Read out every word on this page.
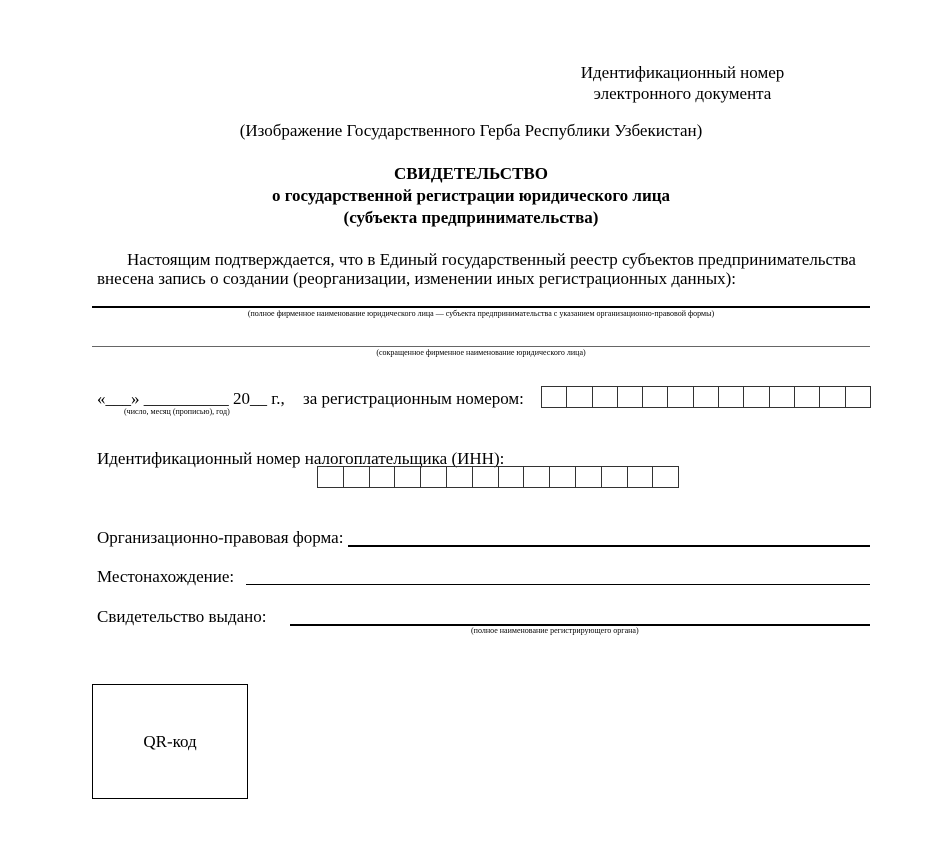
Идентификационный номер
электронного документа
(Изображение Государственного Герба Республики Узбекистан)
СВИДЕТЕЛЬСТВО
о государственной регистрации юридического лица
(субъекта предпринимательства)
Настоящим подтверждается, что в Единый государственный реестр субъектов предпринимательства
внесена запись о создании (реорганизации, изменении иных регистрационных данных):
(полное фирменное наименование юридического лица — субъекта предпринимательства с указанием организационно-правовой формы)
(сокращенное фирменное наименование юридического лица)
«___» __________ 20__ г.,
(число, месяц (прописью), год)
за регистрационным номером:
Идентификационный номер налогоплательщика (ИНН):
Организационно-правовая форма:
Местонахождение:
Свидетельство выдано:
(полное наименование регистрирующего органа)
QR-код
